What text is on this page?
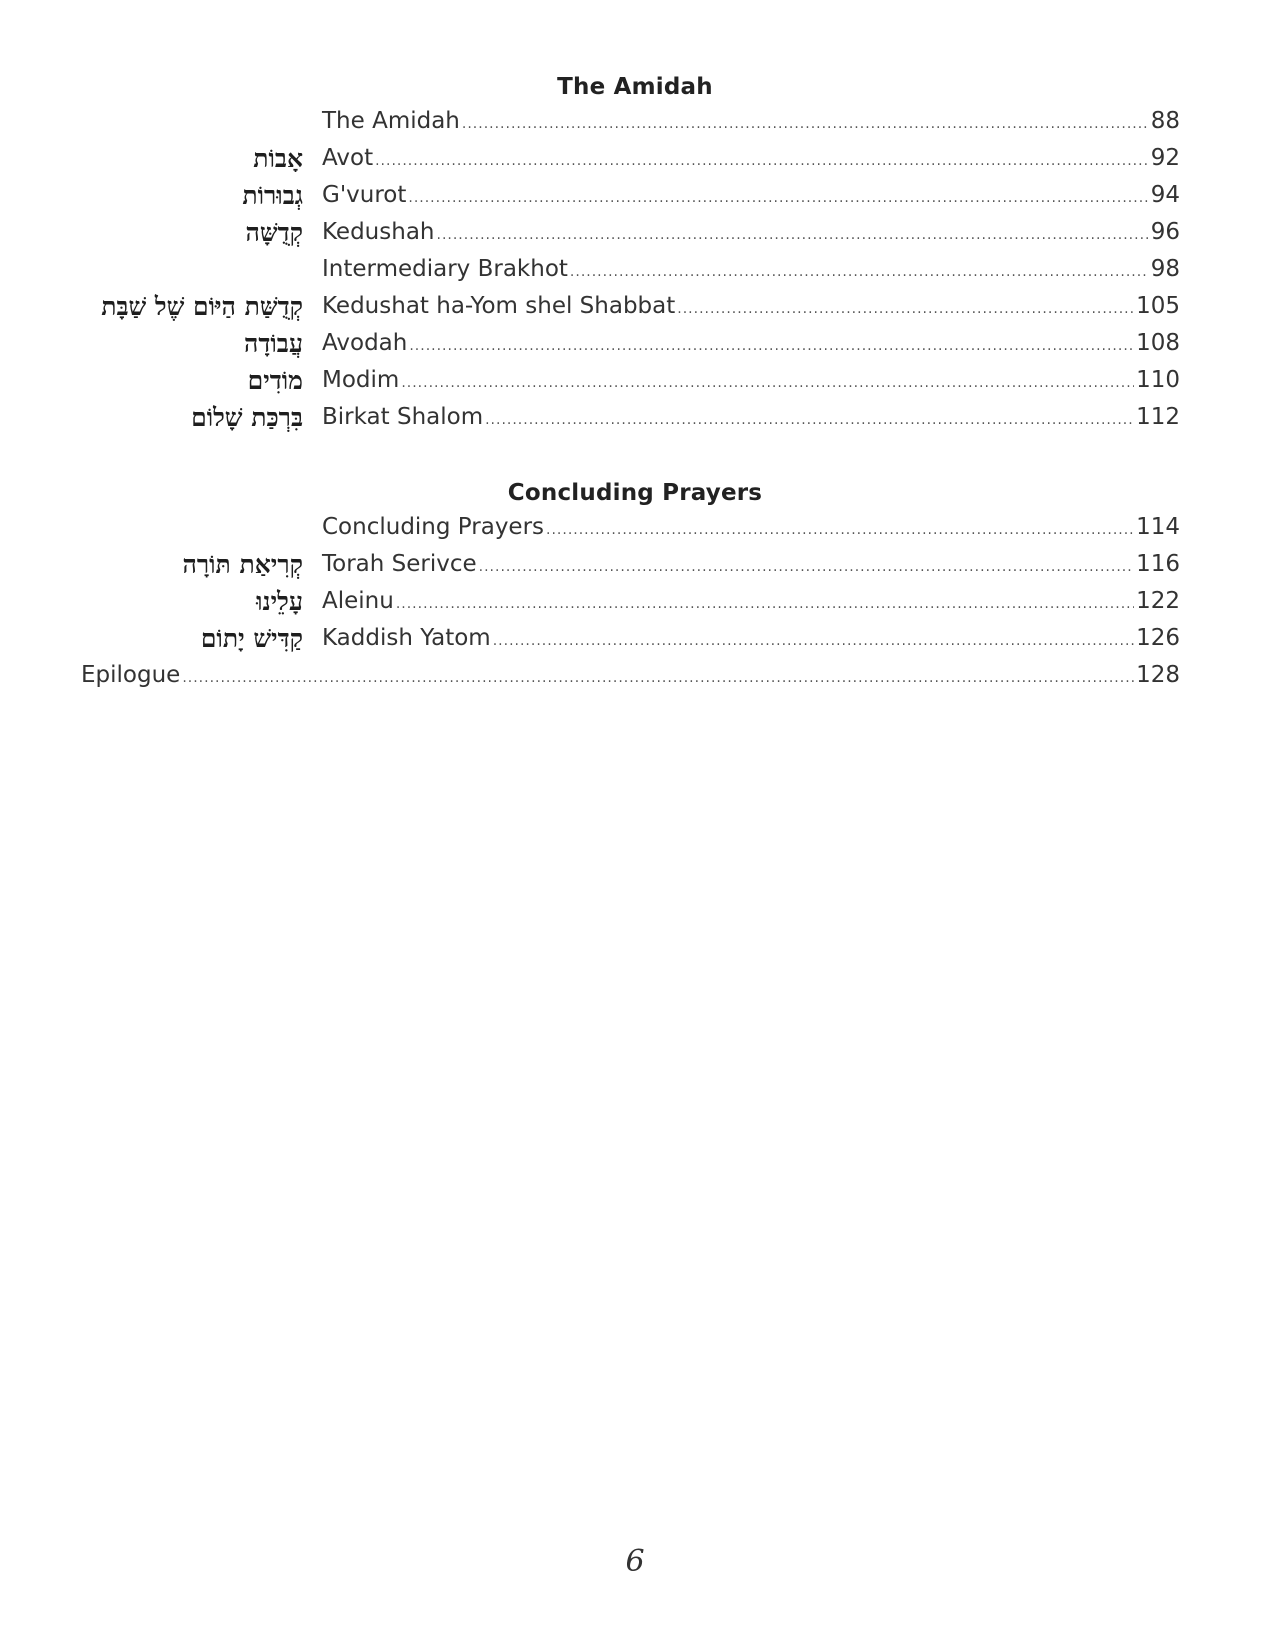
The Amidah
The Amidah .....	88
אָבוֹת Avot .....	92
גְבוּרוֹת G'vurot .....	94
קְדֻשָּׁה Kedushah .....	96
Intermediary Brakhot .....	98
קְדֻשַּׁת הַיּוֹם שֶׁל שַׁבָּת Kedushat ha-Yom shel Shabbat .....	105
עֲבוֹדָה Avodah .....	108
מוֹדִים Modim .....	110
בִּרְכַּת שָׁלוֹם Birkat Shalom .....	112
Concluding Prayers
Concluding Prayers .....	114
קְרִיאַת תּוֹרָה Torah Serivce .....	116
עָלֵינוּ Aleinu .....	122
קַדִּישׁ יָתוֹם Kaddish Yatom .....	126
Epilogue .....	128
6
